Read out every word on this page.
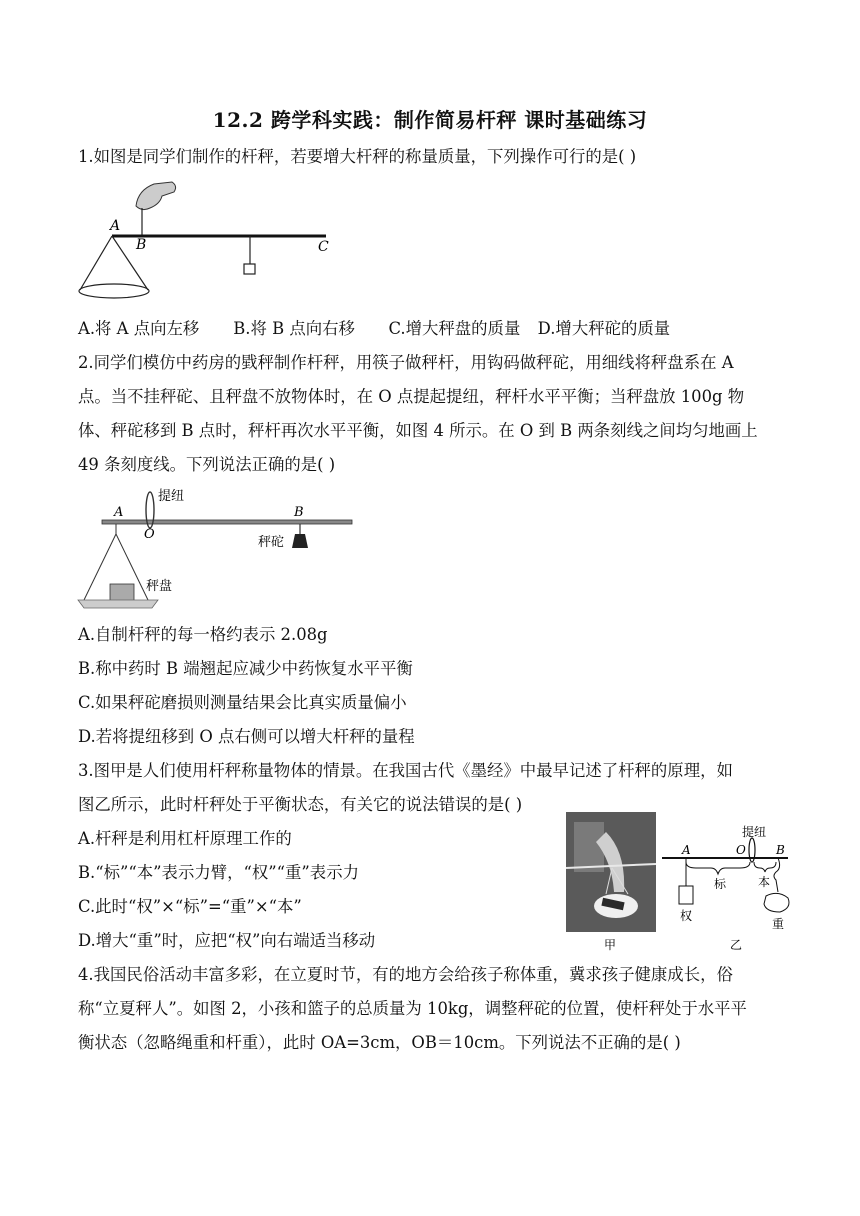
12.2 跨学科实践：制作简易杆秤 课时基础练习
1.如图是同学们制作的杆秤，若要增大杆秤的称量质量，下列操作可行的是( )
A
B	C
A.将 A 点向左移 B.将 B 点向右移 C.增大秤盘的质量 D.增大秤砣的质量
2.同学们模仿中药房的戥秤制作杆秤，用筷子做秤杆，用钩码做秤砣，用细线将秤盘系在 A
点。当不挂秤砣、且秤盘不放物体时，在 O 点提起提纽，秤杆水平平衡；当秤盘放 100g 物
体、秤砣移到 B 点时，秤杆再次水平平衡，如图 4 所示。在 O 到 B 两条刻线之间均匀地画上
49 条刻度线。下列说法正确的是( )
提纽
A
O
B
秤砣
秤盘
A.自制杆秤的每一格约表示 2.08g
B.称中药时 B 端翘起应减少中药恢复水平平衡
C.如果秤砣磨损则测量结果会比真实质量偏小
D.若将提纽移到 O 点右侧可以增大杆秤的量程
3.图甲是人们使用杆秤称量物体的情景。在我国古代《墨经》中最早记述了杆秤的原理，如
图乙所示，此时杆秤处于平衡状态，有关它的说法错误的是( )
A.杆秤是利用杠杆原理工作的
B.“标”“本”表示力臂，“权”“重”表示力
C.此时“权”×“标”=“重”×“本”
D.增大“重”时，应把“权”向右端适当移动	甲
提纽
A	O	B
标	本
权
重
乙
4.我国民俗活动丰富多彩，在立夏时节，有的地方会给孩子称体重，冀求孩子健康成长，俗
称“立夏秤人”。如图 2，小孩和篮子的总质量为 10kg，调整秤砣的位置，使杆秤处于水平平
衡状态（忽略绳重和杆重），此时 OA=3cm，OB＝10cm。下列说法不正确的是( )
